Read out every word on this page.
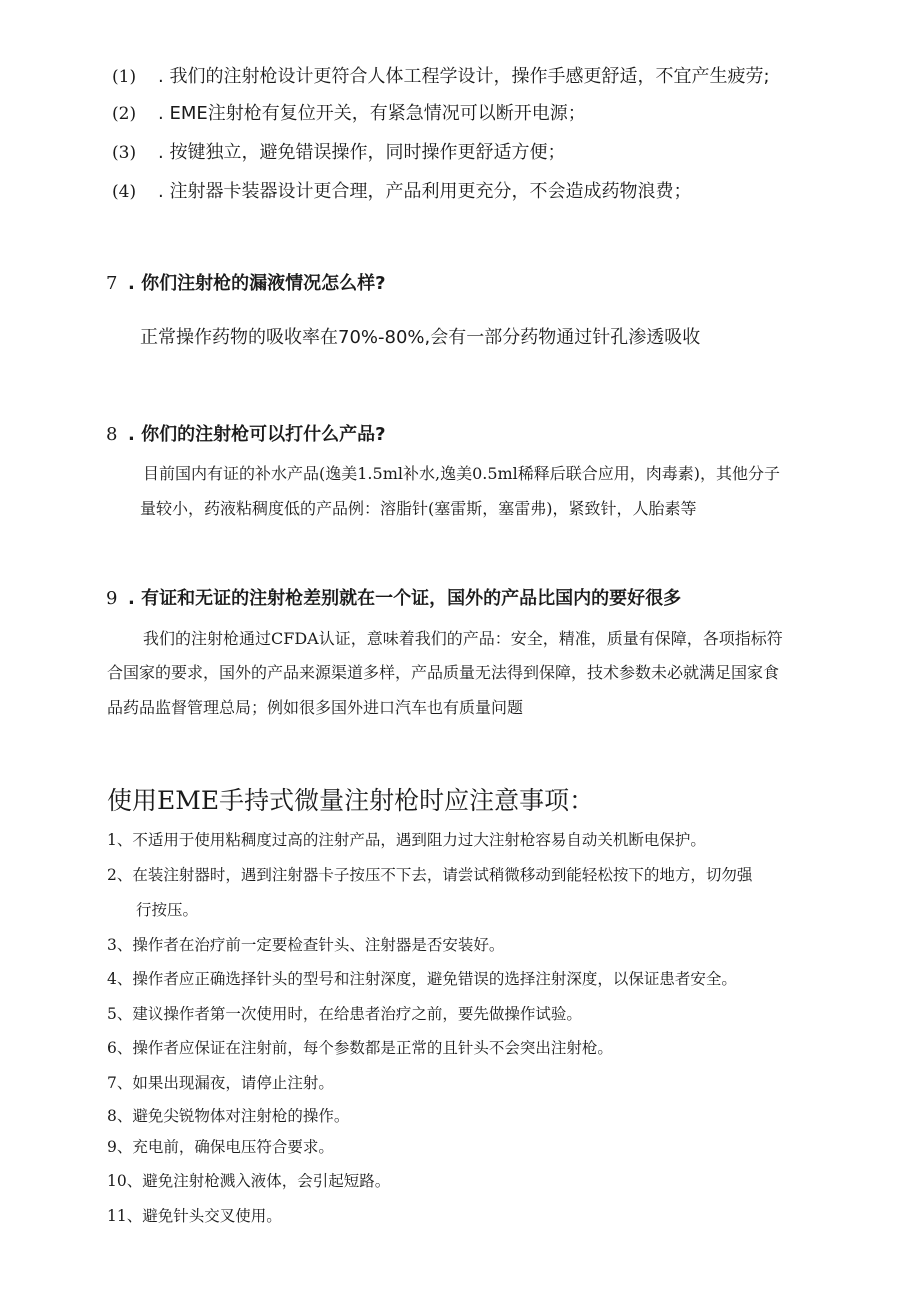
(1) . 我们的注射枪设计更符合人体工程学设计，操作手感更舒适，不宜产生疲劳;
(2) . EME注射枪有复位开关，有紧急情况可以断开电源；
(3) . 按键独立，避免错误操作，同时操作更舒适方便；
(4) . 注射器卡装器设计更合理，产品利用更充分，不会造成药物浪费；
7 . 你们注射枪的漏液情况怎么样?
正常操作药物的吸收率在70%-80%,会有一部分药物通过针孔渗透吸收
8 . 你们的注射枪可以打什么产品?
目前国内有证的补水产品(逸美1.5ml补水,逸美0.5ml稀释后联合应用，肉毒素)，其他分子
量较小，药液粘稠度低的产品例：溶脂针(塞雷斯，塞雷弗)，紧致针，人胎素等
9 . 有证和无证的注射枪差别就在一个证，国外的产品比国内的要好很多
我们的注射枪通过CFDA认证，意味着我们的产品：安全，精准，质量有保障，各项指标符
合国家的要求，国外的产品来源渠道多样，产品质量无法得到保障，技术参数未必就满足国家食
品药品监督管理总局；例如很多国外进口汽车也有质量问题
使用EME手持式微量注射枪时应注意事项：
1、不适用于使用粘稠度过高的注射产品，遇到阻力过大注射枪容易自动关机断电保护。
2、在装注射器时，遇到注射器卡子按压不下去，请尝试稍微移动到能轻松按下的地方，切勿强
行按压。
3、操作者在治疗前一定要检查针头、注射器是否安装好。
4、操作者应正确选择针头的型号和注射深度，避免错误的选择注射深度，以保证患者安全。
5、建议操作者第一次使用时，在给患者治疗之前，要先做操作试验。
6、操作者应保证在注射前，每个参数都是正常的且针头不会突出注射枪。
7、如果出现漏夜，请停止注射。
8、避免尖锐物体对注射枪的操作。
9、充电前，确保电压符合要求。
10、避免注射枪溅入液体，会引起短路。
11、避免针头交叉使用。
